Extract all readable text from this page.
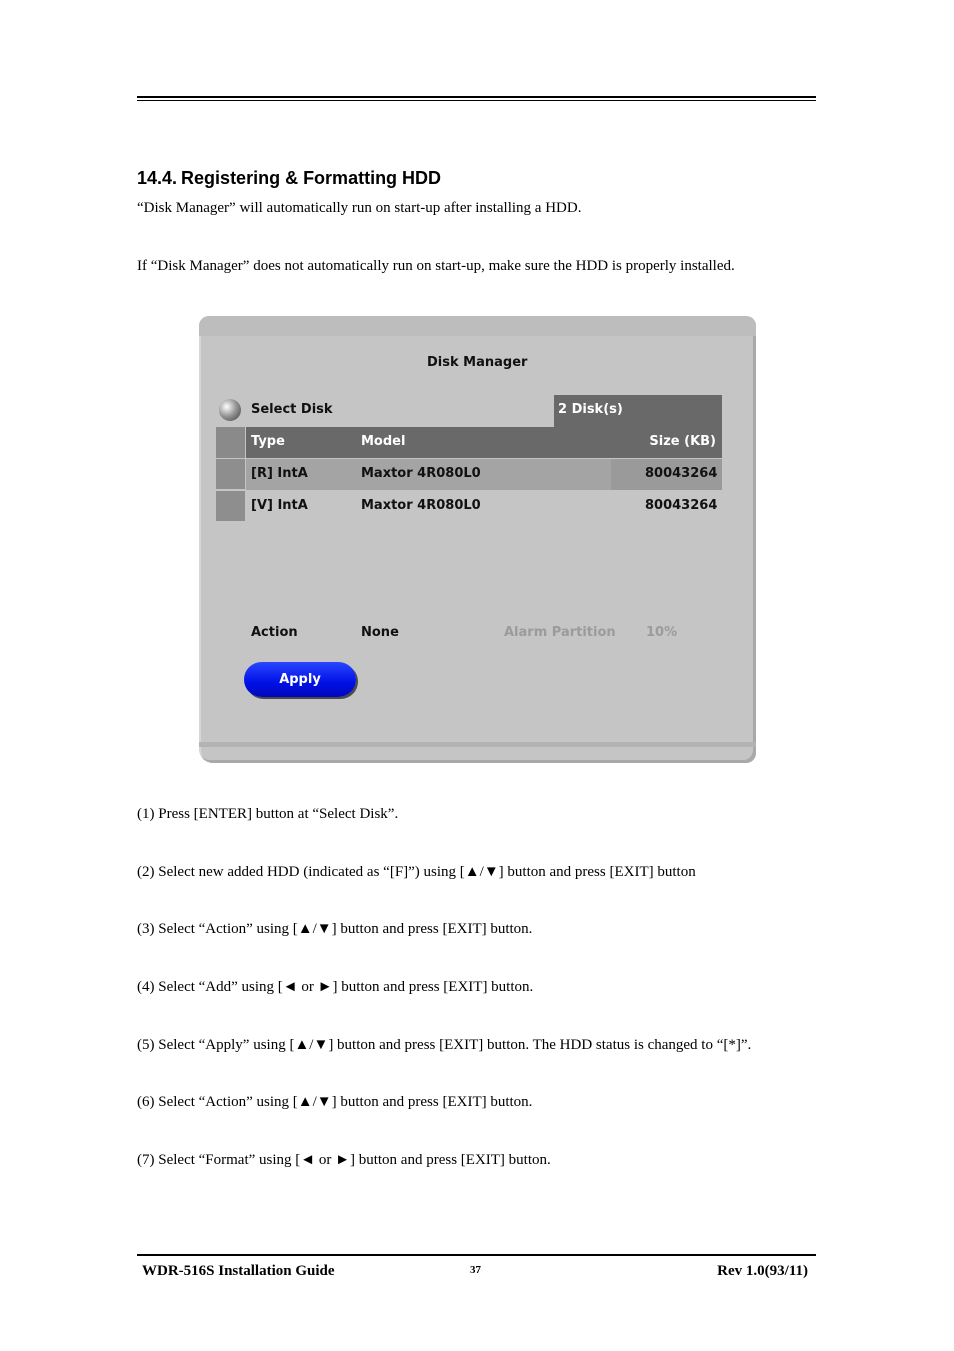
14.4. Registering & Formatting HDD
“Disk Manager” will automatically run on start-up after installing a HDD.
If “Disk Manager” does not automatically run on start-up, make sure the HDD is properly installed.
Disk Manager
Select Disk	2 Disk(s)
Type	Model	Size (KB)
[R] IntA	Maxtor 4R080L0	80043264
[V] IntA	Maxtor 4R080L0	80043264
Action	None	Alarm Partition 10%
Apply
(1) Press [ENTER] button at “Select Disk”.
(2) Select new added HDD (indicated as “[F]”) using [▲/▼] button and press [EXIT] button
(3) Select “Action” using [▲/▼] button and press [EXIT] button.
(4) Select “Add” using [◄ or ►] button and press [EXIT] button.
(5) Select “Apply” using [▲/▼] button and press [EXIT] button. The HDD status is changed to “[*]”.
(6) Select “Action” using [▲/▼] button and press [EXIT] button.
(7) Select “Format” using [◄ or ►] button and press [EXIT] button.
WDR-516S Installation Guide	37	Rev 1.0(93/11)
